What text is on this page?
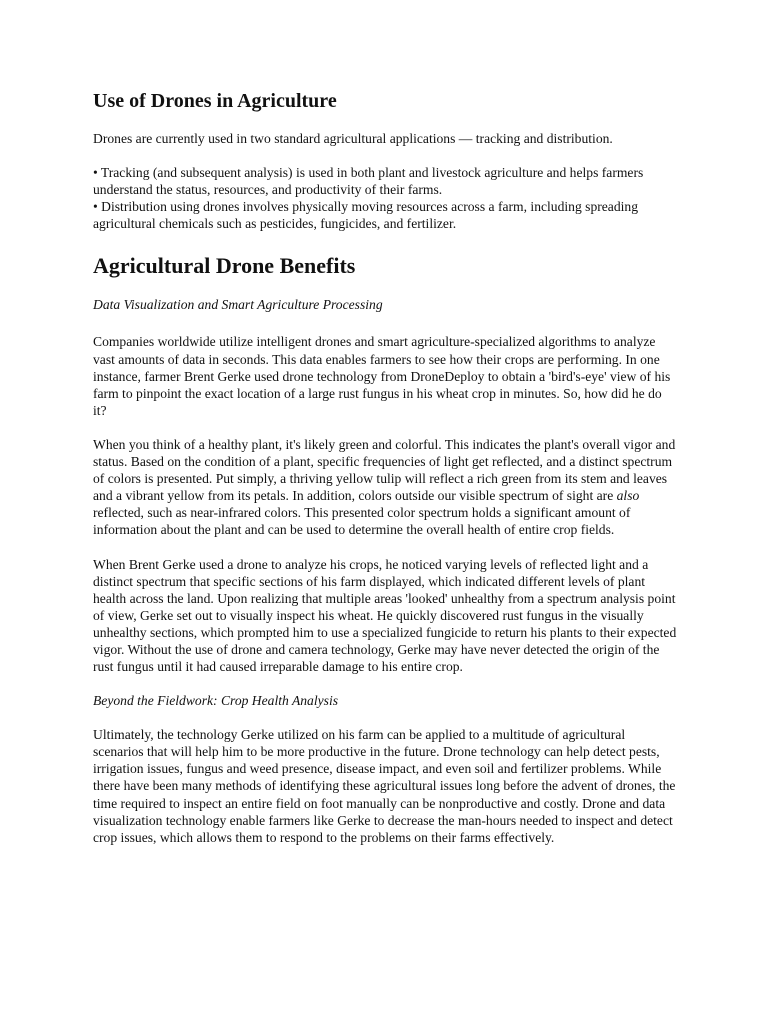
Use of Drones in Agriculture

Drones are currently used in two standard agricultural applications — tracking and distribution.

• Tracking (and subsequent analysis) is used in both plant and livestock agriculture and helps farmers understand the status, resources, and productivity of their farms.
• Distribution using drones involves physically moving resources across a farm, including spreading agricultural chemicals such as pesticides, fungicides, and fertilizer.
Agricultural Drone Benefits
Data Visualization and Smart Agriculture Processing

Companies worldwide utilize intelligent drones and smart agriculture-specialized algorithms to analyze vast amounts of data in seconds. This data enables farmers to see how their crops are performing. In one instance, farmer Brent Gerke used drone technology from DroneDeploy to obtain a 'bird's-eye' view of his farm to pinpoint the exact location of a large rust fungus in his wheat crop in minutes. So, how did he do it?

When you think of a healthy plant, it's likely green and colorful. This indicates the plant's overall vigor and status. Based on the condition of a plant, specific frequencies of light get reflected, and a distinct spectrum of colors is presented. Put simply, a thriving yellow tulip will reflect a rich green from its stem and leaves and a vibrant yellow from its petals. In addition, colors outside our visible spectrum of sight are also reflected, such as near-infrared colors. This presented color spectrum holds a significant amount of information about the plant and can be used to determine the overall health of entire crop fields.

When Brent Gerke used a drone to analyze his crops, he noticed varying levels of reflected light and a distinct spectrum that specific sections of his farm displayed, which indicated different levels of plant health across the land. Upon realizing that multiple areas 'looked' unhealthy from a spectrum analysis point of view, Gerke set out to visually inspect his wheat. He quickly discovered rust fungus in the visually unhealthy sections, which prompted him to use a specialized fungicide to return his plants to their expected vigor. Without the use of drone and camera technology, Gerke may have never detected the origin of the rust fungus until it had caused irreparable damage to his entire crop.

Beyond the Fieldwork: Crop Health Analysis

Ultimately, the technology Gerke utilized on his farm can be applied to a multitude of agricultural scenarios that will help him to be more productive in the future. Drone technology can help detect pests, irrigation issues, fungus and weed presence, disease impact, and even soil and fertilizer problems. While there have been many methods of identifying these agricultural issues long before the advent of drones, the time required to inspect an entire field on foot manually can be nonproductive and costly. Drone and data visualization technology enable farmers like Gerke to decrease the man-hours needed to inspect and detect crop issues, which allows them to respond to the problems on their farms effectively.
